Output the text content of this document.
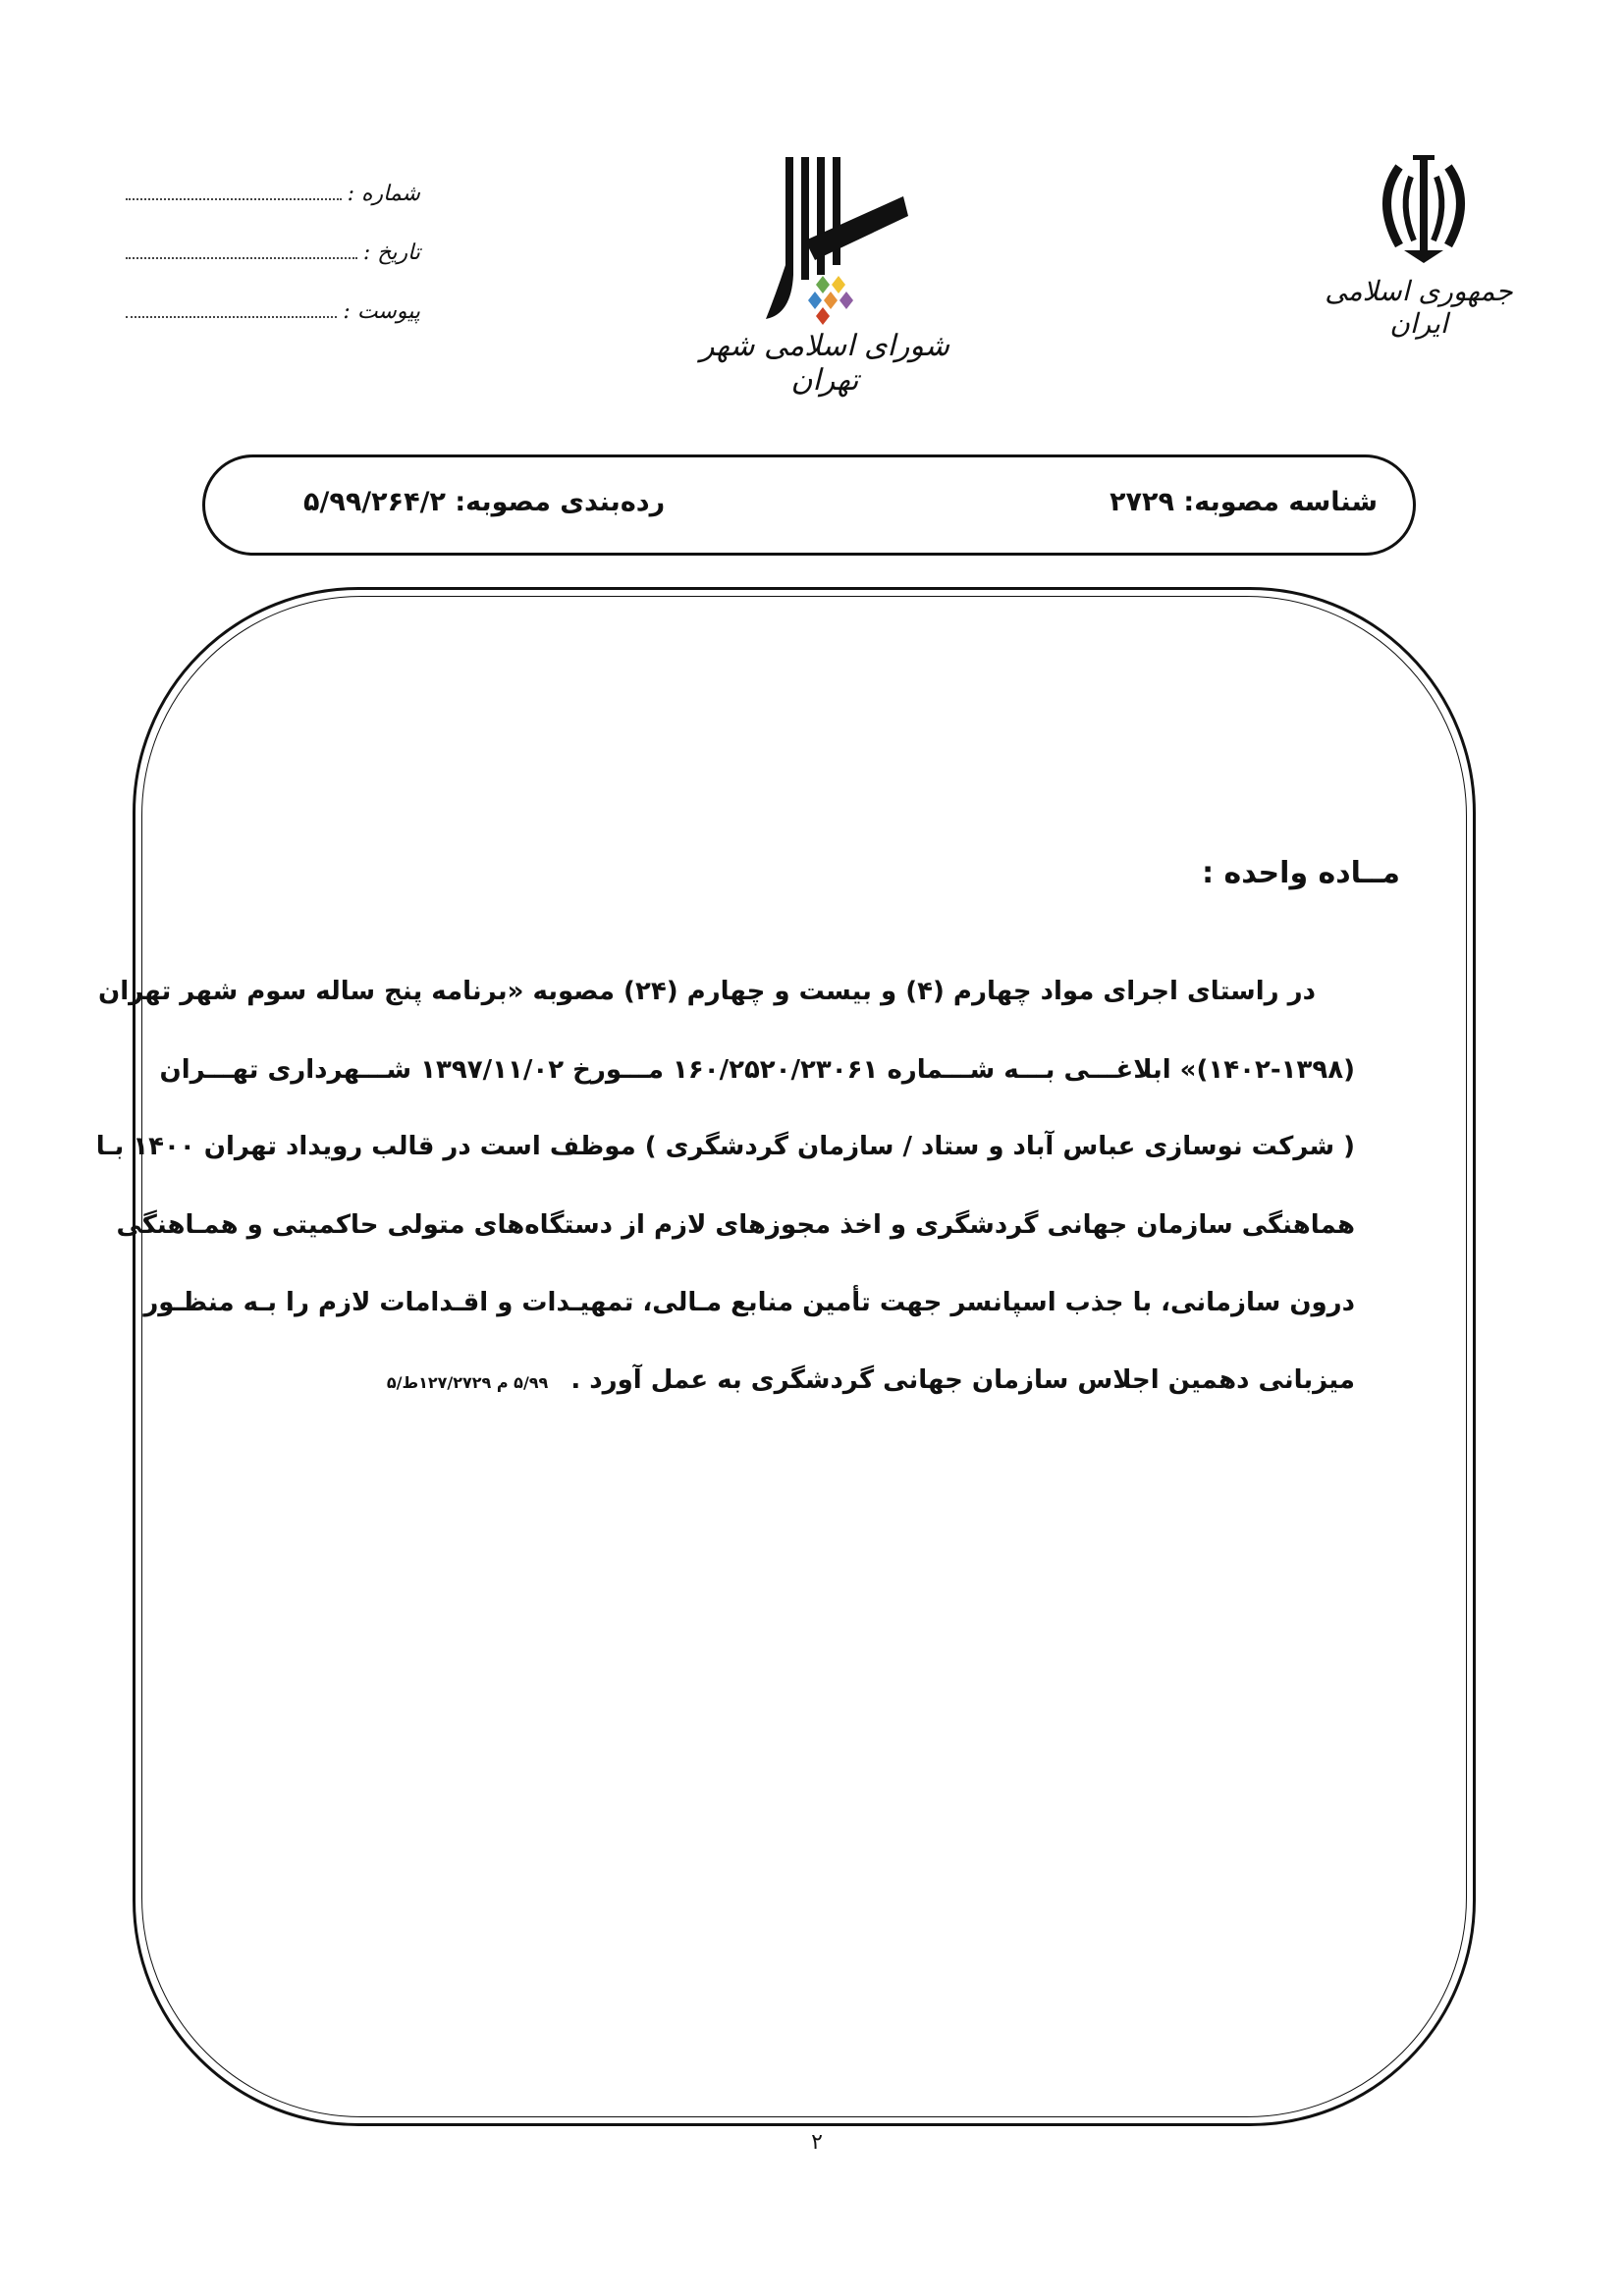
شماره :
تاریخ :
پیوست :
شورای اسلامی شهر تهران
جمهوری اسلامی ایران
شناسه مصوبه: ۲۷۲۹
رده‌بندی مصوبه: ۵/۹۹/۲۶۴/۲
مــاده واحده :
در راستای اجرای مواد چهارم (۴) و بیست و چهارم (۲۴) مصوبه «برنامه پنج ساله سوم شهر تهران
(۱۴۰۲-۱۳۹۸)» ابلاغـــی بـــه شـــماره ۱۶۰/۲۵۲۰/۲۳۰۶۱ مـــورخ ۱۳۹۷/۱۱/۰۲ شـــهرداری تهـــران
( شرکت نوسازی عباس آباد و ستاد / سازمان گردشگری ) موظف است در قالب رویداد تهران ۱۴۰۰ بـا
هماهنگی سازمان جهانی گردشگری و اخذ مجوزهای لازم از دستگاه‌های متولی حاکمیتی و همـاهنگی
درون سازمانی، با جذب اسپانسر جهت تأمین منابع مـالی، تمهیـدات و اقـدامات لازم را بـه منظـور
میزبانی دهمین اجلاس سازمان جهانی گردشگری به عمل آورد . ۵/۹۹ م ۱۲۷/۲۷۲۹ط/۵
۲
